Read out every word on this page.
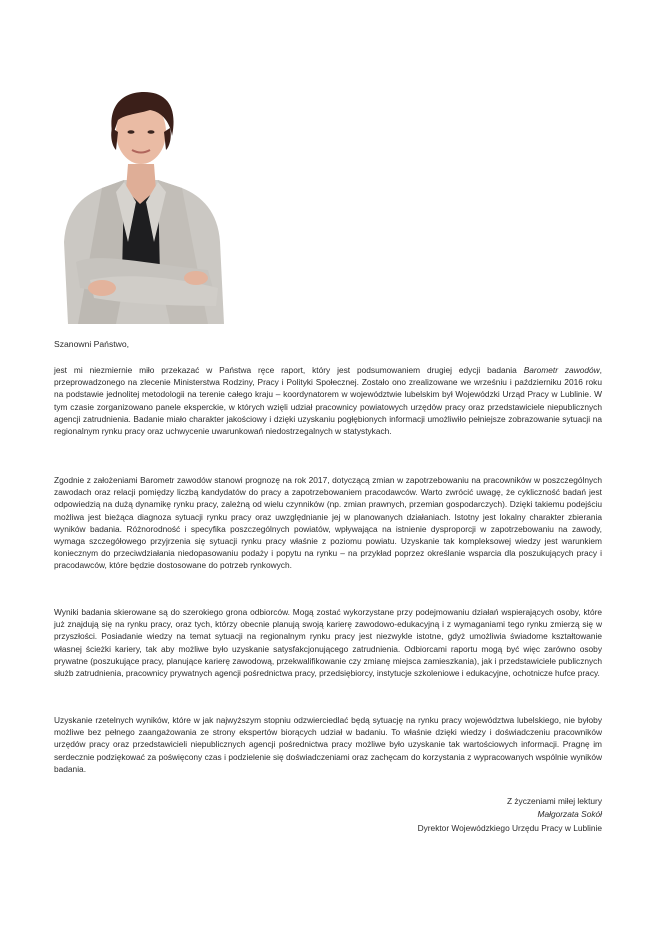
Szanowni Państwo,
jest mi niezmiernie miło przekazać w Państwa ręce raport, który jest podsumowaniem drugiej edycji badania Barometr zawodów, przeprowadzonego na zlecenie Ministerstwa Rodziny, Pracy i Polityki Społecznej. Zostało ono zrealizowane we wrześniu i październiku 2016 roku na podstawie jednolitej metodologii na terenie całego kraju – koordynatorem w województwie lubelskim był Wojewódzki Urząd Pracy w Lublinie. W tym czasie zorganizowano panele eksperckie, w których wzięli udział pracownicy powiatowych urzędów pracy oraz przedstawiciele niepublicznych agencji zatrudnienia. Badanie miało charakter jakościowy i dzięki uzyskaniu pogłębionych informacji umożliwiło pełniejsze zobrazowanie sytuacji na regionalnym rynku pracy oraz uchwycenie uwarunkowań niedostrzegalnych w statystykach.
Zgodnie z założeniami Barometr zawodów stanowi prognozę na rok 2017, dotyczącą zmian w zapotrzebowaniu na pracowników w poszczególnych zawodach oraz relacji pomiędzy liczbą kandydatów do pracy a zapotrzebowaniem pracodawców. Warto zwrócić uwagę, że cykliczność badań jest odpowiedzią na dużą dynamikę rynku pracy, zależną od wielu czynników (np. zmian prawnych, przemian gospodarczych). Dzięki takiemu podejściu możliwa jest bieżąca diagnoza sytuacji rynku pracy oraz uwzględnianie jej w planowanych działaniach. Istotny jest lokalny charakter zbierania wyników badania. Różnorodność i specyfika poszczególnych powiatów, wpływająca na istnienie dysproporcji w zapotrzebowaniu na zawody, wymaga szczegółowego przyjrzenia się sytuacji rynku pracy właśnie z poziomu powiatu. Uzyskanie tak kompleksowej wiedzy jest warunkiem koniecznym do przeciwdziałania niedopasowaniu podaży i popytu na rynku – na przykład poprzez określanie wsparcia dla poszukujących pracy i pracodawców, które będzie dostosowane do potrzeb rynkowych.
Wyniki badania skierowane są do szerokiego grona odbiorców. Mogą zostać wykorzystane przy podejmowaniu działań wspierających osoby, które już znajdują się na rynku pracy, oraz tych, którzy obecnie planują swoją karierę zawodowo-edukacyjną i z wymaganiami tego rynku zmierzą się w przyszłości. Posiadanie wiedzy na temat sytuacji na regionalnym rynku pracy jest niezwykle istotne, gdyż umożliwia świadome kształtowanie własnej ścieżki kariery, tak aby możliwe było uzyskanie satysfakcjonującego zatrudnienia. Odbiorcami raportu mogą być więc zarówno osoby prywatne (poszukujące pracy, planujące karierę zawodową, przekwalifikowanie czy zmianę miejsca zamieszkania), jak i przedstawiciele publicznych służb zatrudnienia, pracownicy prywatnych agencji pośrednictwa pracy, przedsiębiorcy, instytucje szkoleniowe i edukacyjne, ochotnicze hufce pracy.
Uzyskanie rzetelnych wyników, które w jak najwyższym stopniu odzwierciedlać będą sytuację na rynku pracy województwa lubelskiego, nie byłoby możliwe bez pełnego zaangażowania ze strony ekspertów biorących udział w badaniu. To właśnie dzięki wiedzy i doświadczeniu pracowników urzędów pracy oraz przedstawicieli niepublicznych agencji pośrednictwa pracy możliwe było uzyskanie tak wartościowych informacji. Pragnę im serdecznie podziękować za poświęcony czas i podzielenie się doświadczeniami oraz zachęcam do korzystania z wypracowanych wspólnie wyników badania.
Z życzeniami miłej lektury
Małgorzata Sokół
Dyrektor Wojewódzkiego Urzędu Pracy w Lublinie
